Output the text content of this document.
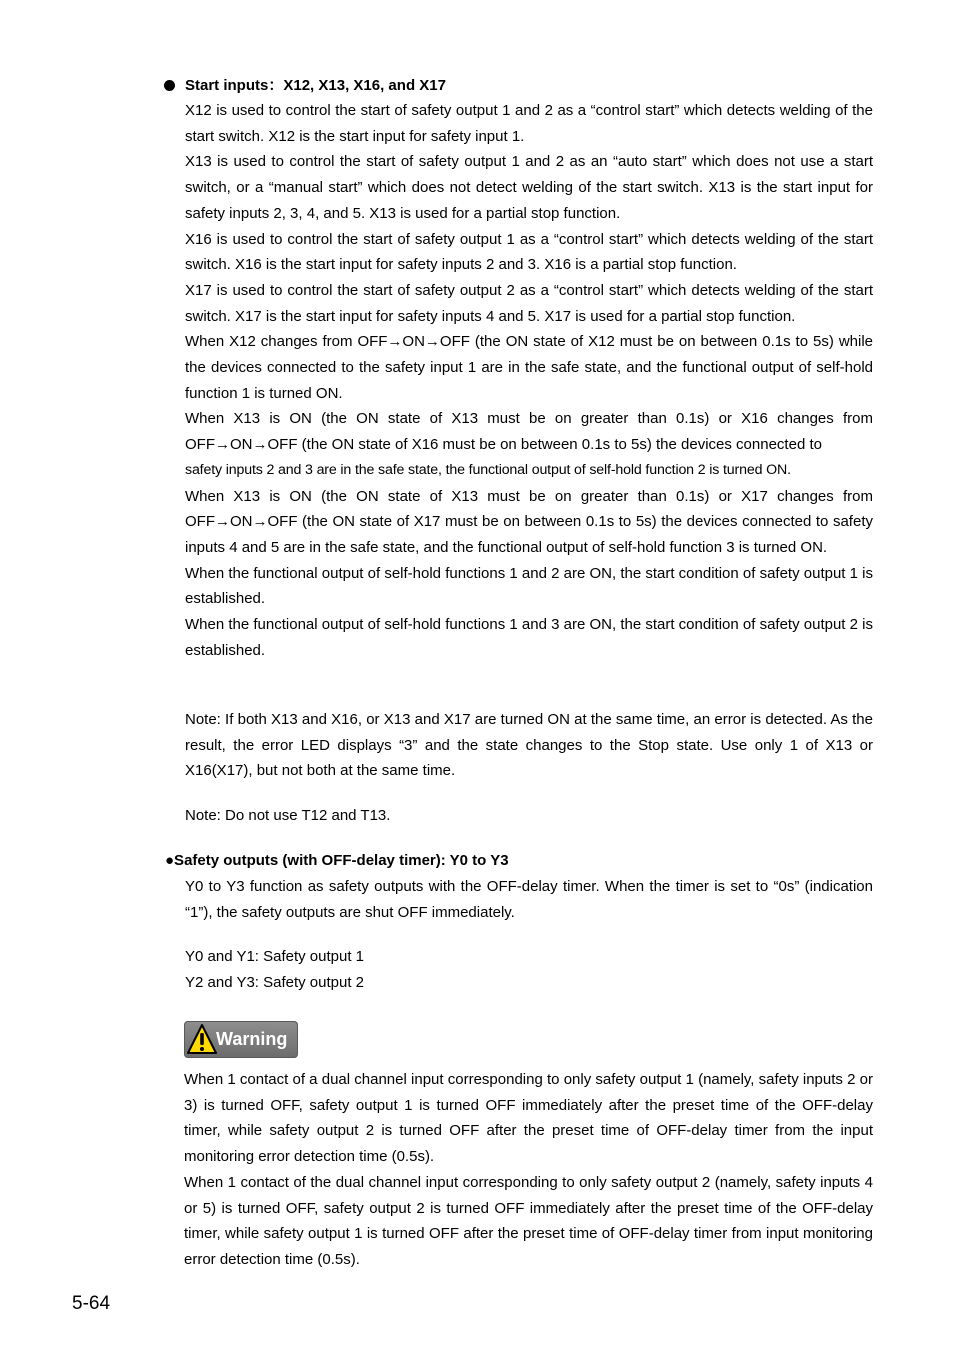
Start inputs：X12, X13, X16, and X17

X12 is used to control the start of safety output 1 and 2 as a “control start” which detects welding of the start switch. X12 is the start input for safety input 1.

X13 is used to control the start of safety output 1 and 2 as an “auto start” which does not use a start switch, or a “manual start” which does not detect welding of the start switch. X13 is the start input for safety inputs 2, 3, 4, and 5. X13 is used for a partial stop function.

X16 is used to control the start of safety output 1 as a “control start” which detects welding of the start switch. X16 is the start input for safety inputs 2 and 3. X16 is a partial stop function.

X17 is used to control the start of safety output 2 as a “control start” which detects welding of the start switch. X17 is the start input for safety inputs 4 and 5. X17 is used for a partial stop function.

When X12 changes from OFF→ON→OFF (the ON state of X12 must be on between 0.1s to 5s) while the devices connected to the safety input 1 are in the safe state, and the functional output of self-hold function 1 is turned ON.

When X13 is ON (the ON state of X13 must be on greater than 0.1s) or X16 changes from OFF→ON→OFF (the ON state of X16 must be on between 0.1s to 5s) the devices connected to

safety inputs 2 and 3 are in the safe state, the functional output of self-hold function 2 is turned ON.

When X13 is ON (the ON state of X13 must be on greater than 0.1s) or X17 changes from OFF→ON→OFF (the ON state of X17 must be on between 0.1s to 5s) the devices connected to safety inputs 4 and 5 are in the safe state, and the functional output of self-hold function 3 is turned ON.

When the functional output of self-hold functions 1 and 2 are ON, the start condition of safety output 1 is established.

When the functional output of self-hold functions 1 and 3 are ON, the start condition of safety output 2 is established.

Note: If both X13 and X16, or X13 and X17 are turned ON at the same time, an error is detected. As the result, the error LED displays “3” and the state changes to the Stop state. Use only 1 of X13 or X16(X17), but not both at the same time.

Note: Do not use T12 and T13.

●Safety outputs (with OFF-delay timer): Y0 to Y3

Y0 to Y3 function as safety outputs with the OFF-delay timer. When the timer is set to “0s” (indication “1”), the safety outputs are shut OFF immediately.

Y0 and Y1: Safety output 1

Y2 and Y3: Safety output 2

Warning

When 1 contact of a dual channel input corresponding to only safety output 1 (namely, safety inputs 2 or 3) is turned OFF, safety output 1 is turned OFF immediately after the preset time of the OFF-delay timer, while safety output 2 is turned OFF after the preset time of OFF-delay timer from the input monitoring error detection time (0.5s).

When 1 contact of the dual channel input corresponding to only safety output 2 (namely, safety inputs 4 or 5) is turned OFF, safety output 2 is turned OFF immediately after the preset time of the OFF-delay timer, while safety output 1 is turned OFF after the preset time of OFF-delay timer from input monitoring error detection time (0.5s).

5-64
